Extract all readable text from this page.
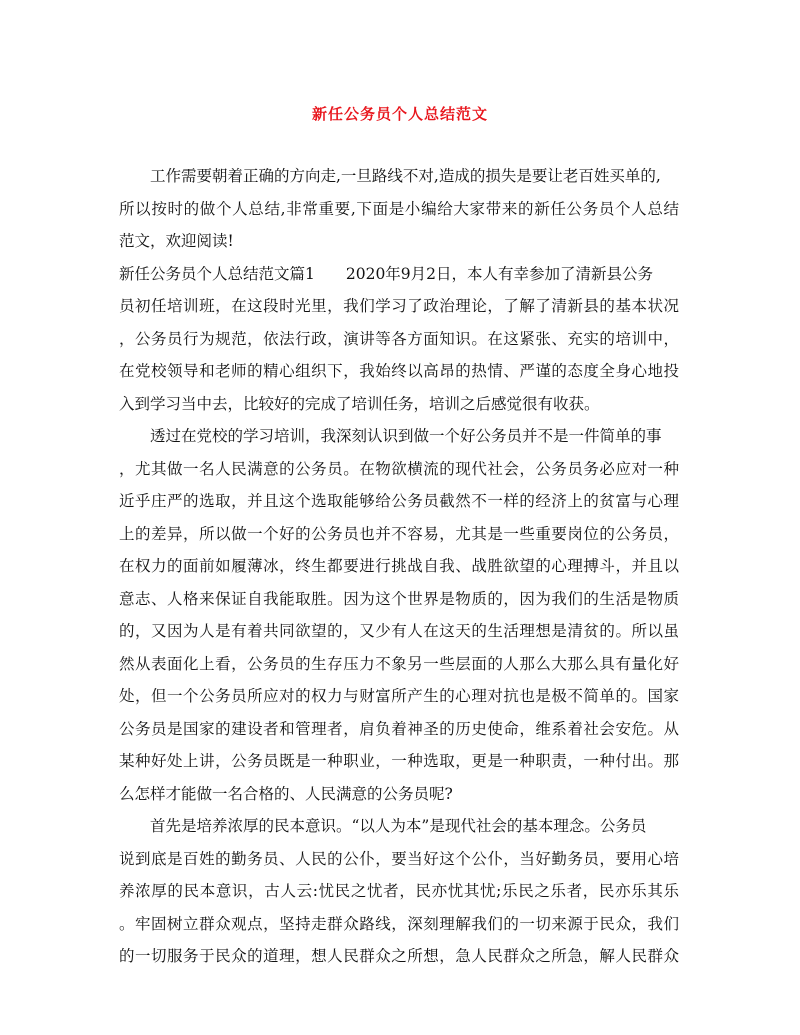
新任公务员个人总结范文
工作需要朝着正确的方向走,一旦路线不对,造成的损失是要让老百姓买单的,
所以按时的做个人总结,非常重要,下面是小编给大家带来的新任公务员个人总结
范文，欢迎阅读!
新任公务员个人总结范文篇1　　2020年9月2日，本人有幸参加了清新县公务
员初任培训班，在这段时光里，我们学习了政治理论，了解了清新县的基本状况
，公务员行为规范，依法行政，演讲等各方面知识。在这紧张、充实的培训中，
在党校领导和老师的精心组织下，我始终以高昂的热情、严谨的态度全身心地投
入到学习当中去，比较好的完成了培训任务，培训之后感觉很有收获。
透过在党校的学习培训，我深刻认识到做一个好公务员并不是一件简单的事
，尤其做一名人民满意的公务员。在物欲横流的现代社会，公务员务必应对一种
近乎庄严的选取，并且这个选取能够给公务员截然不一样的经济上的贫富与心理
上的差异，所以做一个好的公务员也并不容易，尤其是一些重要岗位的公务员，
在权力的面前如履薄冰，终生都要进行挑战自我、战胜欲望的心理搏斗，并且以
意志、人格来保证自我能取胜。因为这个世界是物质的，因为我们的生活是物质
的，又因为人是有着共同欲望的，又少有人在这天的生活理想是清贫的。所以虽
然从表面化上看，公务员的生存压力不象另一些层面的人那么大那么具有量化好
处，但一个公务员所应对的权力与财富所产生的心理对抗也是极不简单的。国家
公务员是国家的建设者和管理者，肩负着神圣的历史使命，维系着社会安危。从
某种好处上讲，公务员既是一种职业，一种选取，更是一种职责，一种付出。那
么怎样才能做一名合格的、人民满意的公务员呢?
首先是培养浓厚的民本意识。“以人为本”是现代社会的基本理念。公务员
说到底是百姓的勤务员、人民的公仆，要当好这个公仆，当好勤务员，要用心培
养浓厚的民本意识，古人云:忧民之忧者，民亦忧其忧;乐民之乐者，民亦乐其乐
。牢固树立群众观点，坚持走群众路线，深刻理解我们的一切来源于民众，我们
的一切服务于民众的道理，想人民群众之所想，急人民群众之所急，解人民群众
